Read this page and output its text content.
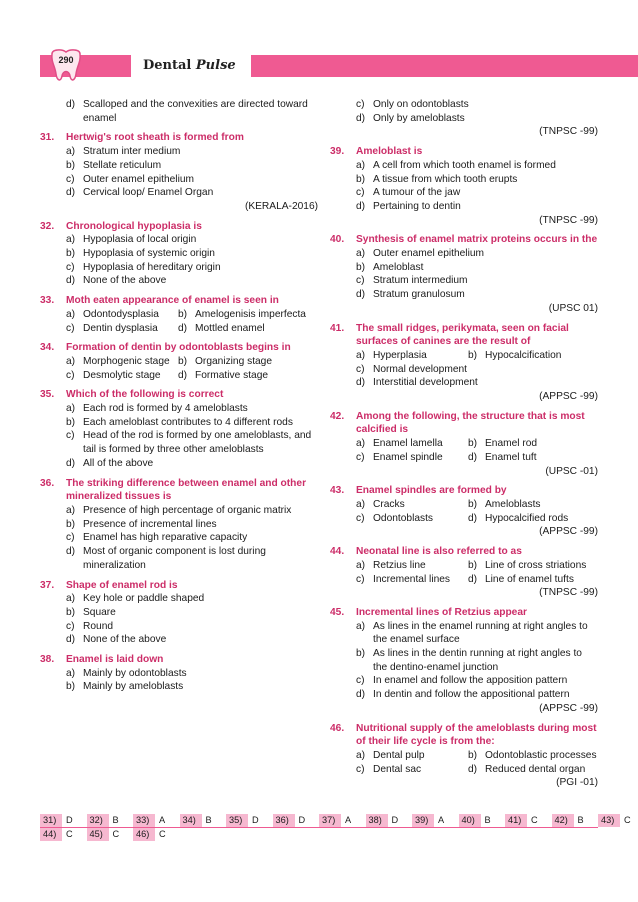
290	Dental Pulse
d) Scalloped and the convexities are directed toward
enamel
31.	Hertwig's root sheath is formed from
a) Stratum inter medium
b) Stellate reticulum
c) Outer enamel epithelium
d) Cervical loop/ Enamel Organ
(KERALA-2016)
32.	Chronological hypoplasia is
a) Hypoplasia of local origin
b) Hypoplasia of systemic origin
c) Hypoplasia of hereditary origin
d) None of the above
33.	Moth eaten appearance of enamel is seen in
a) Odontodysplasia	b) Amelogenisis imperfecta
c) Dentin dysplasia	d) Mottled enamel
34.	Formation of dentin by odontoblasts begins in
a) Morphogenic stage b) Organizing stage
c) Desmolytic stage	d) Formative stage
35.	Which of the following is correct
a) Each rod is formed by 4 ameloblasts
b) Each ameloblast contributes to 4 different rods
c) Head of the rod is formed by one ameloblasts, and
tail is formed by three other ameloblasts
d) All of the above
36.	The striking difference between enamel and other mineralized tissues is
a) Presence of high percentage of organic matrix
b) Presence of incremental lines
c) Enamel has high reparative capacity
d) Most of organic component is lost during
mineralization
37.	Shape of enamel rod is
a) Key hole or paddle shaped
b) Square
c) Round
d) None of the above
38.	Enamel is laid down
a) Mainly by odontoblasts
b) Mainly by ameloblasts
c) Only on odontoblasts
d) Only by ameloblasts
(TNPSC -99)
39.	Ameloblast is
a) A cell from which tooth enamel is formed
b) A tissue from which tooth erupts
c) A tumour of the jaw
d) Pertaining to dentin
(TNPSC -99)
40.	Synthesis of enamel matrix proteins occurs in the
a) Outer enamel epithelium
b) Ameloblast
c) Stratum intermedium
d) Stratum granulosum
(UPSC 01)
41.	The small ridges, perikymata, seen on facial surfaces of canines are the result of
a) Hyperplasia	b) Hypocalcification
c) Normal development
d) Interstitial development
(APPSC -99)
42.	Among the following, the structure that is most calcified is
a) Enamel lamella	b) Enamel rod
c) Enamel spindle	d) Enamel tuft
(UPSC -01)
43.	Enamel spindles are formed by
a) Cracks	b) Ameloblasts
c) Odontoblasts	d) Hypocalcified rods
(APPSC -99)
44.	Neonatal line is also referred to as
a) Retzius line	b) Line of cross striations
c) Incremental lines	d) Line of enamel tufts
(TNPSC -99)
45.	Incremental lines of Retzius appear
a) As lines in the enamel running at right angles to
the enamel surface
b) As lines in the dentin running at right angles to
the dentino-enamel junction
c) In enamel and follow the apposition pattern
d) In dentin and follow the appositional pattern
(APPSC -99)
46.	Nutritional supply of the ameloblasts during most of their life cycle is from the:
a) Dental pulp	b) Odontoblastic processes
c) Dental sac	d) Reduced dental organ
(PGI -01)
31)	D	32)	B	33)	A	34)	B	35)	D	36)	D	37)	A	38)	D	39)	A	40)	B	41)	C	42)	B	43)	C
44)	C	45)	C	46)	C
